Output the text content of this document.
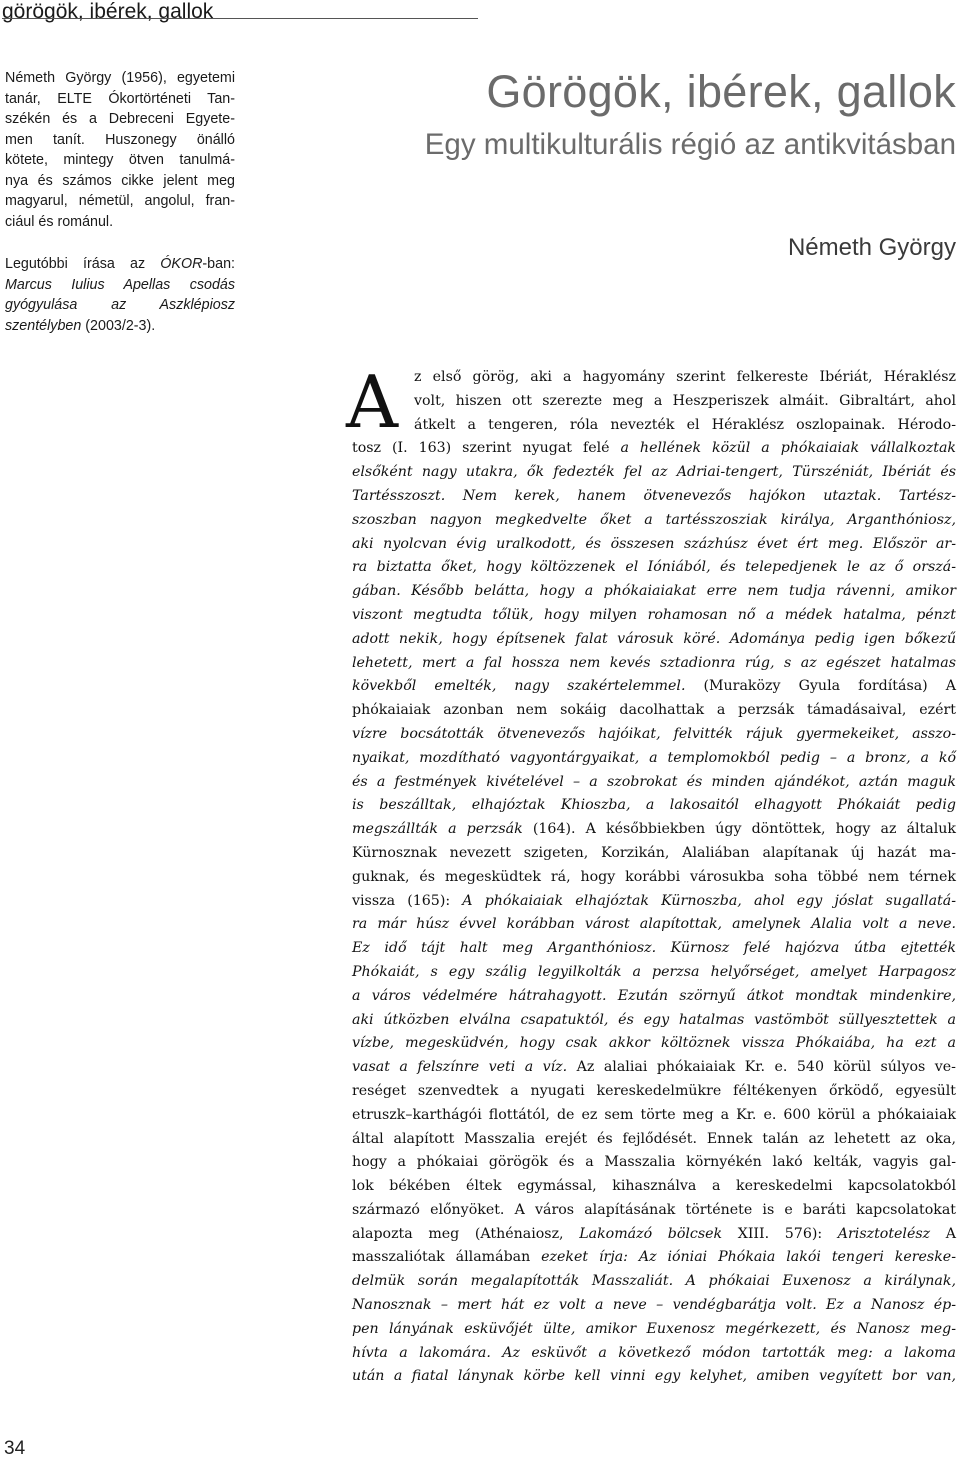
görögök, ibérek, gallok

Németh György (1956), egyetemi
tanár, ELTE Ókortörténeti Tan-
székén és a Debreceni Egyete-
men tanít. Huszonegy önálló
kötete, mintegy ötven tanulmá-
nya és számos cikke jelent meg
magyarul, németül, angolul, fran-
ciául és románul.

Legutóbbi írása az ÓKOR-ban: Marcus Iulius Apellas csodás gyógyulása az Aszklépiosz szentélyben (2003/2-3).

Görögök, ibérek, gallok
Egy multikulturális régió az antikvitásban
Németh György
A	z első görög, aki a hagyomány szerint felkereste Ibériát, Héraklész
volt, hiszen ott szerezte meg a Heszperiszek almáit. Gibraltárt, ahol
átkelt a tengeren, róla nevezték el Héraklész oszlopainak. Hérodo-
tosz (I. 163) szerint nyugat felé a hellének közül a phókaiaiak vállalkoztak
elsőként nagy utakra, ők fedezték fel az Adriai-tengert, Türszéniát, Ibériát és
Tartésszoszt. Nem kerek, hanem ötvenevezős hajókon utaztak. Tartész-
szoszban nagyon megkedvelte őket a tartésszosziak királya, Arganthóniosz,
aki nyolcvan évig uralkodott, és összesen százhúsz évet ért meg. Először ar-
ra biztatta őket, hogy költözzenek el Ióniából, és telepedjenek le az ő orszá-
gában. Később belátta, hogy a phókaiaiakat erre nem tudja rávenni, amikor
viszont megtudta tőlük, hogy milyen rohamosan nő a médek hatalma, pénzt
adott nekik, hogy építsenek falat városuk köré. Adománya pedig igen bőkezű
lehetett, mert a fal hossza nem kevés sztadionra rúg, s az egészet hatalmas
kövekből emelték, nagy szakértelemmel. (Muraközy Gyula fordítása) A
phókaiaiak azonban nem sokáig dacolhattak a perzsák támadásaival, ezért
vízre bocsátották ötvenevezős hajóikat, felvitték rájuk gyermekeiket, asszo-
nyaikat, mozdítható vagyontárgyaikat, a templomokból pedig – a bronz, a kő
és a festmények kivételével – a szobrokat és minden ajándékot, aztán maguk
is beszálltak, elhajóztak Khioszba, a lakosaitól elhagyott Phókaiát pedig
megszállták a perzsák (164). A későbbiekben úgy döntöttek, hogy az általuk
Kürnosznak nevezett szigeten, Korzikán, Alaliában alapítanak új hazát ma-
guknak, és megesküdtek rá, hogy korábbi városukba soha többé nem térnek
vissza (165): A phókaiaiak elhajóztak Kürnoszba, ahol egy jóslat sugallatá-
ra már húsz évvel korábban várost alapítottak, amelynek Alalia volt a neve.
Ez idő tájt halt meg Arganthóniosz. Kürnosz felé hajózva útba ejtették
Phókaiát, s egy szálig legyilkolták a perzsa helyőrséget, amelyet Harpagosz
a város védelmére hátrahagyott. Ezután szörnyű átkot mondtak mindenkire,
aki útközben elválna csapatuktól, és egy hatalmas vastömböt süllyesztettek a
vízbe, megesküdvén, hogy csak akkor költöznek vissza Phókaiába, ha ezt a
vasat a felszínre veti a víz. Az alaliai phókaiaiak Kr. e. 540 körül súlyos ve-
reséget szenvedtek a nyugati kereskedelmükre féltékenyen őrködő, egyesült
etruszk–karthágói flottától, de ez sem törte meg a Kr. e. 600 körül a phókaiaiak
által alapított Masszalia erejét és fejlődését. Ennek talán az lehetett az oka,
hogy a phókaiai görögök és a Masszalia környékén lakó kelták, vagyis gal-
lok békében éltek egymással, kihasználva a kereskedelmi kapcsolatokból
származó előnyöket. A város alapításának története is e baráti kapcsolatokat
alapozta meg (Athénaiosz, Lakomázó bölcsek XIII. 576): Arisztotelész A
masszaliótak államában ezeket írja: Az ióniai Phókaia lakói tengeri kereske-
delmük során megalapították Masszaliát. A phókaiai Euxenosz a királynak,
Nanosznak – mert hát ez volt a neve – vendégbarátja volt. Ez a Nanosz ép-
pen lányának esküvőjét ülte, amikor Euxenosz megérkezett, és Nanosz meg-
hívta a lakomára. Az esküvőt a következő módon tartották meg: a lakoma
után a fiatal lánynak körbe kell vinni egy kelyhet, amiben vegyített bor van,
34
